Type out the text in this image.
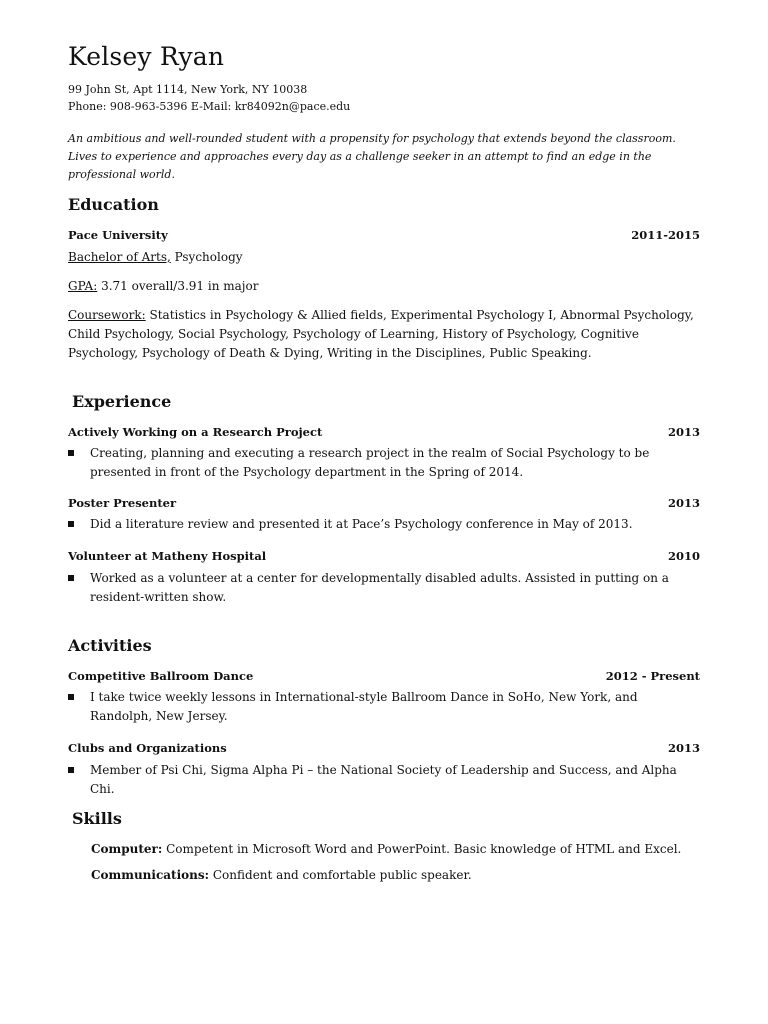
Kelsey Ryan
99 John St, Apt 1114, New York, NY 10038
Phone: 908-963-5396 E-Mail: kr84092n@pace.edu
An ambitious and well-rounded student with a propensity for psychology that extends beyond the classroom. Lives to experience and approaches every day as a challenge seeker in an attempt to find an edge in the professional world.
Education
Pace University	2011-2015
Bachelor of Arts, Psychology
GPA: 3.71 overall/3.91 in major
Coursework: Statistics in Psychology & Allied fields, Experimental Psychology I, Abnormal Psychology, Child Psychology, Social Psychology, Psychology of Learning, History of Psychology, Cognitive Psychology, Psychology of Death & Dying, Writing in the Disciplines, Public Speaking.
Experience
Actively Working on a Research Project	2013
Creating, planning and executing a research project in the realm of Social Psychology to be presented in front of the Psychology department in the Spring of 2014.
Poster Presenter	2013
Did a literature review and presented it at Pace’s Psychology conference in May of 2013.
Volunteer at Matheny Hospital	2010
Worked as a volunteer at a center for developmentally disabled adults. Assisted in putting on a resident-written show.
Activities
Competitive Ballroom Dance	2012 - Present
I take twice weekly lessons in International-style Ballroom Dance in SoHo, New York, and Randolph, New Jersey.
Clubs and Organizations	2013
Member of Psi Chi, Sigma Alpha Pi – the National Society of Leadership and Success, and Alpha Chi.
Skills
Computer: Competent in Microsoft Word and PowerPoint. Basic knowledge of HTML and Excel.
Communications: Confident and comfortable public speaker.
